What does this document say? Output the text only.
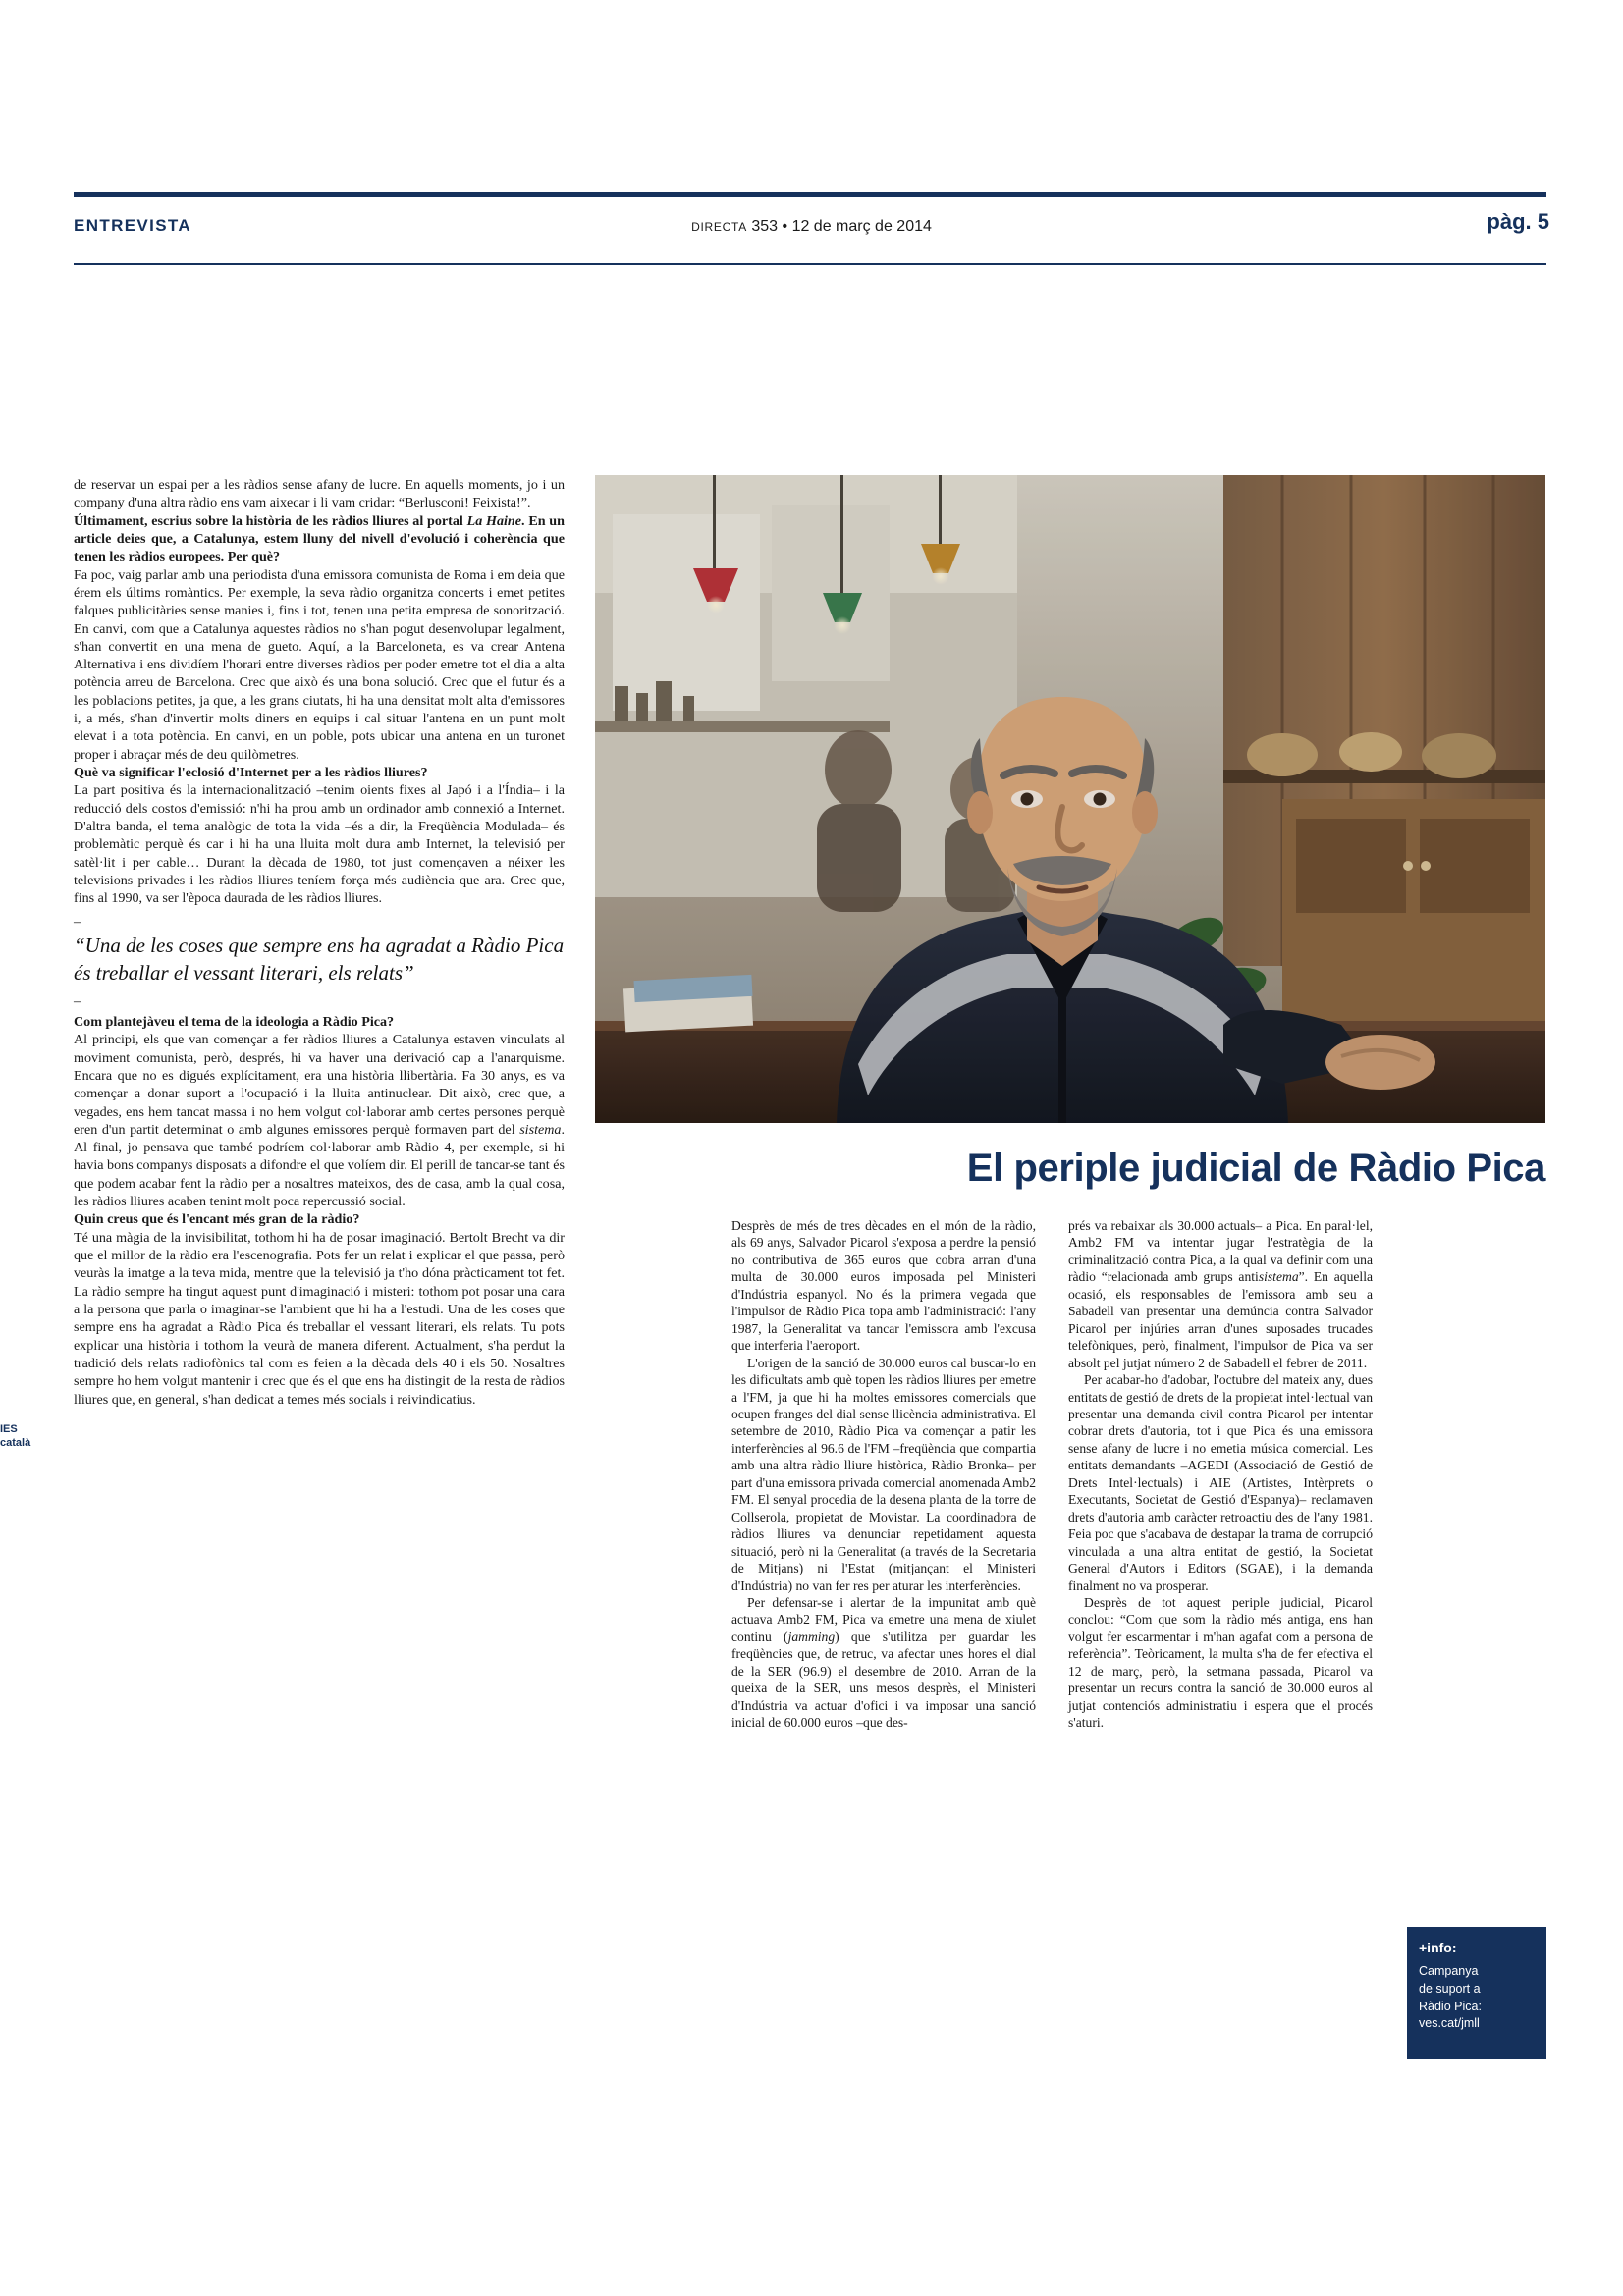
ENTREVISTA	DIRECTA 353 • 12 de març de 2014	pàg. 5
IES català

de reservar un espai per a les ràdios sense afany de lucre. En aquells moments, jo i un company d'una altra ràdio ens vam aixecar i li vam cridar: “Berlusconi! Feixista!”.

Últimament, escrius sobre la història de les ràdios lliures al portal La Haine. En un article deies que, a Catalunya, estem lluny del nivell d'evolució i coherència que tenen les ràdios europees. Per què?

Fa poc, vaig parlar amb una periodista d'una emissora comunista de Roma i em deia que érem els últims romàntics. Per exemple, la seva ràdio organitza concerts i emet petites falques publicitàries sense manies i, fins i tot, tenen una petita empresa de sonorització. En canvi, com que a Catalunya aquestes ràdios no s'han pogut desenvolupar legalment, s'han convertit en una mena de gueto. Aquí, a la Barceloneta, es va crear Antena Alternativa i ens dividíem l'horari entre diverses ràdios per poder emetre tot el dia a alta potència arreu de Barcelona. Crec que això és una bona solució. Crec que el futur és a les poblacions petites, ja que, a les grans ciutats, hi ha una densitat molt alta d'emissores i, a més, s'han d'invertir molts diners en equips i cal situar l'antena en un punt molt elevat i a tota potència. En canvi, en un poble, pots ubicar una antena en un turonet proper i abraçar més de deu quilòmetres.

Què va significar l'eclosió d'Internet per a les ràdios lliures?

La part positiva és la internacionalització –tenim oients fixes al Japó i a l'Índia– i la reducció dels costos d'emissió: n'hi ha prou amb un ordinador amb connexió a Internet. D'altra banda, el tema analògic de tota la vida –és a dir, la Freqüència Modulada– és problemàtic perquè és car i hi ha una lluita molt dura amb Internet, la televisió per satèl·lit i per cable… Durant la dècada de 1980, tot just començaven a néixer les televisions privades i les ràdios lliures teníem força més audiència que ara. Crec que, fins al 1990, va ser l'època daurada de les ràdios lliures.

–

“Una de les coses que sempre ens ha agradat a Ràdio Pica és treballar el vessant literari, els relats”

–

Com plantejàveu el tema de la ideologia a Ràdio Pica?

Al principi, els que van començar a fer ràdios lliures a Catalunya estaven vinculats al moviment comunista, però, després, hi va haver una derivació cap a l'anarquisme. Encara que no es digués explícitament, era una història llibertària. Fa 30 anys, es va començar a donar suport a l'ocupació i la lluita antinuclear. Dit això, crec que, a vegades, ens hem tancat massa i no hem volgut col·laborar amb certes persones perquè eren d'un partit determinat o amb algunes emissores perquè formaven part del sistema. Al final, jo pensava que també podríem col·laborar amb Ràdio 4, per exemple, si hi havia bons companys disposats a difondre el que volíem dir. El perill de tancar-se tant és que podem acabar fent la ràdio per a nosaltres mateixos, des de casa, amb la qual cosa, les ràdios lliures acaben tenint molt poca repercussió social.

Quin creus que és l'encant més gran de la ràdio?

Té una màgia de la invisibilitat, tothom hi ha de posar imaginació. Bertolt Brecht va dir que el millor de la ràdio era l'escenografia. Pots fer un relat i explicar el que passa, però veuràs la imatge a la teva mida, mentre que la televisió ja t'ho dóna pràcticament tot fet. La ràdio sempre ha tingut aquest punt d'imaginació i misteri: tothom pot posar una cara a la persona que parla o imaginar-se l'ambient que hi ha a l'estudi. Una de les coses que sempre ens ha agradat a Ràdio Pica és treballar el vessant literari, els relats. Tu pots explicar una història i tothom la veurà de manera diferent. Actualment, s'ha perdut la tradició dels relats radiofònics tal com es feien a la dècada dels 40 i els 50. Nosaltres sempre ho hem volgut mantenir i crec que és el que ens ha distingit de la resta de ràdios lliures que, en general, s'han dedicat a temes més socials i reivindicatius.

El periple judicial de Ràdio Pica

Desprès de més de tres dècades en el món de la ràdio, als 69 anys, Salvador Picarol s'exposa a perdre la pensió no contributiva de 365 euros que cobra arran d'una multa de 30.000 euros imposada pel Ministeri d'Indústria espanyol. No és la primera vegada que l'impulsor de Ràdio Pica topa amb l'administració: l'any 1987, la Generalitat va tancar l'emissora amb l'excusa que interferia l'aeroport.

L'origen de la sanció de 30.000 euros cal buscar-lo en les dificultats amb què topen les ràdios lliures per emetre a l'FM, ja que hi ha moltes emissores comercials que ocupen franges del dial sense llicència administrativa. El setembre de 2010, Ràdio Pica va començar a patir les interferències al 96.6 de l'FM –freqüència que compartia amb una altra ràdio lliure històrica, Ràdio Bronka– per part d'una emissora privada comercial anomenada Amb2 FM. El senyal procedia de la desena planta de la torre de Collserola, propietat de Movistar. La coordinadora de ràdios lliures va denunciar repetidament aquesta situació, però ni la Generalitat (a través de la Secretaria de Mitjans) ni l'Estat (mitjançant el Ministeri d'Indústria) no van fer res per aturar les interferències.

Per defensar-se i alertar de la impunitat amb què actuava Amb2 FM, Pica va emetre una mena de xiulet continu (jamming) que s'utilitza per guardar les freqüències que, de retruc, va afectar unes hores el dial de la SER (96.9) el desembre de 2010. Arran de la queixa de la SER, uns mesos desprès, el Ministeri d'Indústria va actuar d'ofici i va imposar una sanció inicial de 60.000 euros –que des-

prés va rebaixar als 30.000 actuals– a Pica. En paral·lel, Amb2 FM va intentar jugar l'estratègia de la criminalització contra Pica, a la qual va definir com una ràdio “relacionada amb grups antisistema”. En aquella ocasió, els responsables de l'emissora amb seu a Sabadell van presentar una demúncia contra Salvador Picarol per injúries arran d'unes suposades trucades telefòniques, però, finalment, l'impulsor de Pica va ser absolt pel jutjat número 2 de Sabadell el febrer de 2011.

Per acabar-ho d'adobar, l'octubre del mateix any, dues entitats de gestió de drets de la propietat intel·lectual van presentar una demanda civil contra Picarol per intentar cobrar drets d'autoria, tot i que Pica és una emissora sense afany de lucre i no emetia música comercial. Les entitats demandants –AGEDI (Associació de Gestió de Drets Intel·lectuals) i AIE (Artistes, Intèrprets o Executants, Societat de Gestió d'Espanya)– reclamaven drets d'autoria amb caràcter retroactiu des de l'any 1981. Feia poc que s'acabava de destapar la trama de corrupció vinculada a una altra entitat de gestió, la Societat General d'Autors i Editors (SGAE), i la demanda finalment no va prosperar.

Desprès de tot aquest periple judicial, Picarol conclou: “Com que som la ràdio més antiga, ens han volgut fer escarmentar i m'han agafat com a persona de referència”. Teòricament, la multa s'ha de fer efectiva el 12 de març, però, la setmana passada, Picarol va presentar un recurs contra la sanció de 30.000 euros al jutjat contenciós administratiu i espera que el procés s'aturi.

+info:
Campanya
de suport a
Ràdio Pica:
ves.cat/jmll
